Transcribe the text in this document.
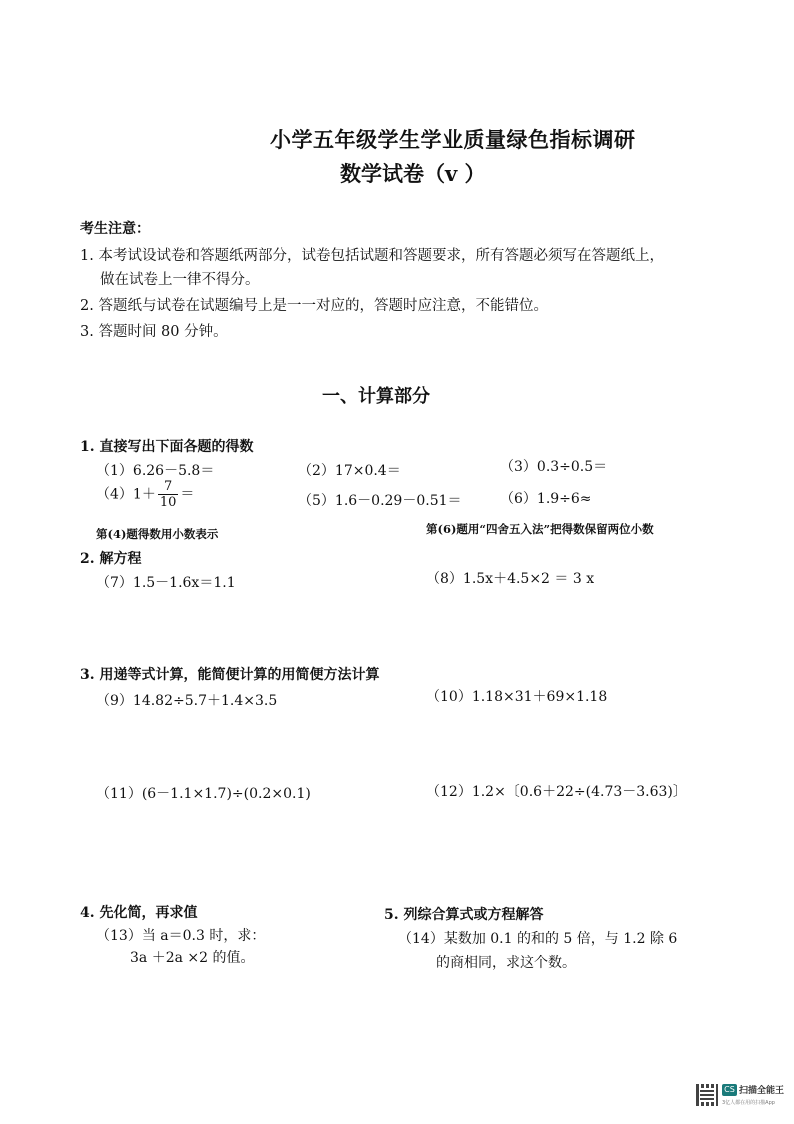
小学五年级学生学业质量绿色指标调研
数学试卷（ⅴ ）
考生注意：
1. 本考试设试卷和答题纸两部分，试卷包括试题和答题要求，所有答题必须写在答题纸上，
做在试卷上一律不得分。
2. 答题纸与试卷在试题编号上是一一对应的，答题时应注意，不能错位。
3. 答题时间 80 分钟。
一、计算部分
1. 直接写出下面各题的得数
（1）6.26－5.8＝	（2）17×0.4＝	（3）0.3÷0.5＝
$(4)1+ \frac{7}{10}$ ＝	（5）1.6－0.29－0.51＝	（6）1.9÷6≈
第(4)题得数用小数表示	第(6)题用“四舍五入法”把得数保留两位小数
2. 解方程
（7）1.5－1.6x＝1.1	（8）1.5x＋4.5×2 ＝ 3 x
3. 用递等式计算，能简便计算的用简便方法计算
（9）14.82÷5.7＋1.4×3.5	（10）1.18×31＋69×1.18
（11）(6－1.1×1.7)÷(0.2×0.1)	（12）1.2×〔0.6＋22÷(4.73－3.63)〕
4. 先化简，再求值
（13）当 a＝0.3 时，求：
3a ＋2a ×2 的值。
5. 列综合算式或方程解答
（14）某数加 0.1 的和的 5 倍，与 1.2 除 6
的商相同，求这个数。
CS 扫描全能王
3亿人都在用的扫描App
